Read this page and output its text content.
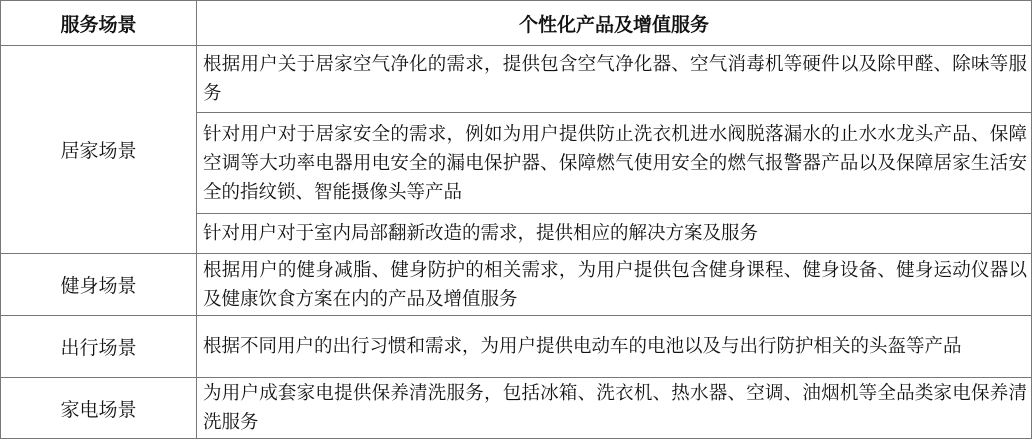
服务场景	个性化产品及增值服务
居家场景	根据用户关于居家空气净化的需求，提供包含空气净化器、空气消毒机等硬件以及除甲醛、除味等服务
	针对用户对于居家安全的需求，例如为用户提供防止洗衣机进水阀脱落漏水的止水水龙头产品、保障空调等大功率电器用电安全的漏电保护器、保障燃气使用安全的燃气报警器产品以及保障居家生活安全的指纹锁、智能摄像头等产品
	针对用户对于室内局部翻新改造的需求，提供相应的解决方案及服务
健身场景	根据用户的健身减脂、健身防护的相关需求，为用户提供包含健身课程、健身设备、健身运动仪器以及健康饮食方案在内的产品及增值服务
出行场景	根据不同用户的出行习惯和需求，为用户提供电动车的电池以及与出行防护相关的头盔等产品
家电场景	为用户成套家电提供保养清洗服务，包括冰箱、洗衣机、热水器、空调、油烟机等全品类家电保养清洗服务
